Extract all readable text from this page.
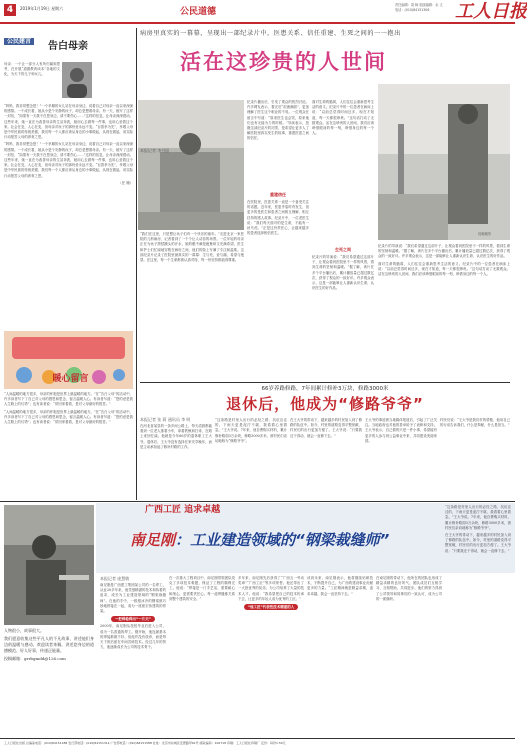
4	2019年1月19日 星期六	公民道德
责任编辑：周 畅 组版编辑：余 文
电话：(010)84151306 工人日报
公民建言	告白母亲
母亲：一个让一部分人有所归属和思考，在开展“道德教育读本”各地的文化，为天下的儿子和女儿。

“妈妈，我非常想念您！”一个孝顺的女儿站在母亲身边，说着自己对母亲一直以来深深的感情。一个成长着，她从小是个安静的孩子，却总是想着母亲。有一天，她写了这样一封信，“如果有一天我不在您身边，请不要伤心……”这样的信息，让母亲深深感动。这些年来，她一直在为改善母亲的生活奔波，她用心去做每一件事，也用心爱着这个家。社会在变，人心在变，但母亲对孩子的那份爱永远不变。“百善孝为先”，孝敬父母是中华民族的传统美德，我们每一个人都应该从身边的小事做起，从现在做起，用实际行动报答父母的养育之恩。

“妈妈，我非常想念您！”一个孝顺的女儿站在母亲身边，说着自己对母亲一直以来深深的感情。一个成长着，她从小是个安静的孩子，却总是想着母亲。有一天，她写了这样一封信，“如果有一天我不在您身边，请不要伤心……”这样的信息，让母亲深深感动。这些年来，她一直在为改善母亲的生活奔波，她用心去做每一件事，也用心爱着这个家。社会在变，人心在变，但母亲对孩子的那份爱永远不变。“百善孝为先”，孝敬父母是中华民族的传统美德，我们每一个人都应该从身边的小事做起，从现在做起，用实际行动报答父母的养育之恩。

（任 姗）

暖心留言

“人间温暖的地方很多，母亲的怀抱是世界上最温暖的地方。”在“告白父母”的活动中，许多读者写下了自己对父母的感恩和思念，留言温暖人心。有读者写道：“您的爱是我人生路上的灯塔”；也有读者说：“常回家看看，是对父母最好的报答。”

“人间温暖的地方很多，母亲的怀抱是世界上最温暖的地方。”在“告白父母”的活动中，许多读者写下了自己对父母的感恩和思念，留言温暖人心。有读者写道：“您的爱是我人生路上的灯塔”；也有读者说：“常回家看看，是对父母最好的报答。”

病房里真实的一幕幕，呈现出一部纪录片中，医患关系、信任重建、生死之间的一一抱出
活在这珍贵的人世间
本报记者 李丹阳
“我们在这里，只是想让孩子们有一个快乐的童年。”走进北京一家医院的儿科病房，记者看到了一个个让人动容的场景。一位年轻的母亲正在为孩子擦拭额头的汗水，她的眼中满是疲惫却又充满希望。医生和护士们忙碌地穿梭在病房之间，他们的脸上写满了专注和温柔。这部纪录片记录了医院里最真实的一幕幕：生与死、爱与痛、希望与绝望。在这里，每一个生命都被认真对待，每一份坚持都值得尊重。
纪录片播出后，引发了观众的热烈讨论。许多网友表示，看完后“泪流满面”，更加理解了医生这个职业的不易。一位观众在留言中写道：“原来医生也会哭，原来他们也有无能为力的时候。”导演表示，拍摄这部纪录片的初衷，是希望让更多人了解医院里真实发生的故事，重建医患之间的信任。
重建信任
在医院里，医患关系一直是一个备受关注的话题。近年来，医患矛盾时有发生，但更多的是医生和患者之间相互理解、相互扶持的感人故事。纪录片中，一位老医生说：“我们每天面对的是生命，不能有一丝马虎。”正是这份责任心，让越来越多的患者选择相信医生。
面对生命的脆弱，人们往往会重新思考生活的意义。纪录片中的一位患者在病床上说：“以前总觉得时间还多，现在才知道，每一天都很珍贵。”这句话打动了无数观众。活在这珍贵的人世间，我们应该珍惜眼前的每一刻，珍惜身边的每一个人。
生死之间
纪录片的导演说：“我们希望通过这部片子，让观众看到医院里不一样的风景，看到生命的坚韧和温暖。”据了解，该片在多个平台播出后，累计播放量已超过数亿次，获得了观众的一致好评。许多观众表示，这是一部能够让人重新认识生命、认识医生的好作品。
视频截图

纪录片的导演说：“我们希望通过这部片子，让观众看到医院里不一样的风景，看到生命的坚韧和温暖。”据了解，该片在多个平台播出后，累计播放量已超过数亿次，获得了观众的一致好评。许多观众表示，这是一部能够让人重新认识生命、认识医生的好作品。

面对生命的脆弱，人们往往会重新思考生活的意义。纪录片中的一位患者在病床上说：“以前总觉得时间还多，现在才知道，每一天都很珍贵。”这句话打动了无数观众。活在这珍贵的人世间，我们应该珍惜眼前的每一刻，珍惜身边的每一个人。

66岁养路修路，7年间累计修补3万块，修路3000米
退休后，他成为“修路爷爷”
本报记者 张 莉 通讯员 李 明
在河北省某县的一条乡间公路上，每天清晨都能看到一位老人推着小车，拿着铁锹和扫帚，在路上来回忙碌。他就是今年66岁的退休职工王大爷。退休后，王大爷没有选择在家安享晚年，而是主动承担起了修补村路的工作。
“这条路是村里人出行的必经之路，坑坑洼洼的，下雨天更是泥泞不堪，我看着心里着急。”王大爷说。7年来，他自费购买材料，累计修补路面3万余块，修路3000多米，被村民们亲切地称为“修路爷爷”。
在王大爷的带动下，越来越多的村民加入到了修路的队伍中。如今，村里的道路变得平整宽敞，村民们的出行更加方便了。王大爷说：“只要我还干得动，就会一直修下去。”
王大爷的事迹被当地媒体报道后，引起了广泛关注。当地政府也对他的善举给予了表彰和支持。王大爷表示，自己做的只是一件小事，希望能有更多的人参与到公益事业中来，共同建设美丽家园。
村民们说：“王大爷是我们村的骄傲，他用自己的行动告诉我们，什么是奉献，什么是担当。”

人物很小，故事很大。

我们愿意收集这些平凡人的不凡故事，讲述他们身边的温暖与感动。欢迎读者来稿，讲述您身边的道德模范、好人好事，传递正能量。

投稿邮箱：grrbgmdd@126.com

广西工匠 追求卓越
南足刚：工业建造领域的“钢梁裁缝师”
本报记者 庞慧敏

南足刚是广西建工集团某公司的一名焊工，从业20多年来，他凭借精湛的技术和执着的追求，成长为工业建造领域的“钢梁裁缝师”。在他的手中，一根根冰冷的钢梁被巧妙地拼接在一起，成为一座座宏伟建筑的骨架。

一把焊枪焊出“一片天”

2000年，南足刚从技校毕业后进入公司，成为一名普通的焊工。刚开始，他连最基本的焊接都做不好。但他并没有放弃，而是每天下班后留在车间苦练技术。经过几年的努力，他逐渐成长为公司的技术骨干。

在一次重大工程项目中，南足刚带领团队攻克了多项技术难题，保证了工程的顺利完工。他说：“焊接是一门手艺活，需要耐心和细心，更需要责任心。每一道焊缝都关系到整个建筑的安全。”

多年来，南足刚先后获得了“广西五一劳动奖章”“广西工匠”等多项荣誉。他还带出了一大批优秀的徒弟，为公司培养了大量的技术人才。他说：“我希望把自己的技术传承下去，让更多的年轻人成为优秀的工匠。”

“他工匠”代表性技术精湛的人

谈到未来，南足刚表示，他将继续钻研技术，不断提升自己，为广西的建设事业贡献更多的力量。“工匠精神就是精益求精，追求卓越。我会一直坚持下去。”
在南足刚的带动下，他所在的团队也形成了精益求精的良好风气。团队成员们互相学习、互相帮助，共同进步。他们的努力得到了公司领导和同事们的一致认可，成为公司的一面旗帜。

“这条路是村里人出行的必经之路，坑坑洼洼的，下雨天更是泥泞不堪，我看着心里着急。”王大爷说。7年来，他自费购买材料，累计修补路面3万余块，修路3000多米，被村民们亲切地称为“修路爷爷”。

在王大爷的带动下，越来越多的村民加入到了修路的队伍中。如今，村里的道路变得平整宽敞，村民们的出行更加方便了。王大爷说：“只要我还干得动，就会一直修下去。”

工人日报社出版 总编室电话：(010)84151188 发行部电话：(010)84151314 广告部电话：(010)84151588 社址：北京市东城区安德路甲61号 邮政编码：100718 印刷：工人日报社印刷厂 定价：每份1.50元
